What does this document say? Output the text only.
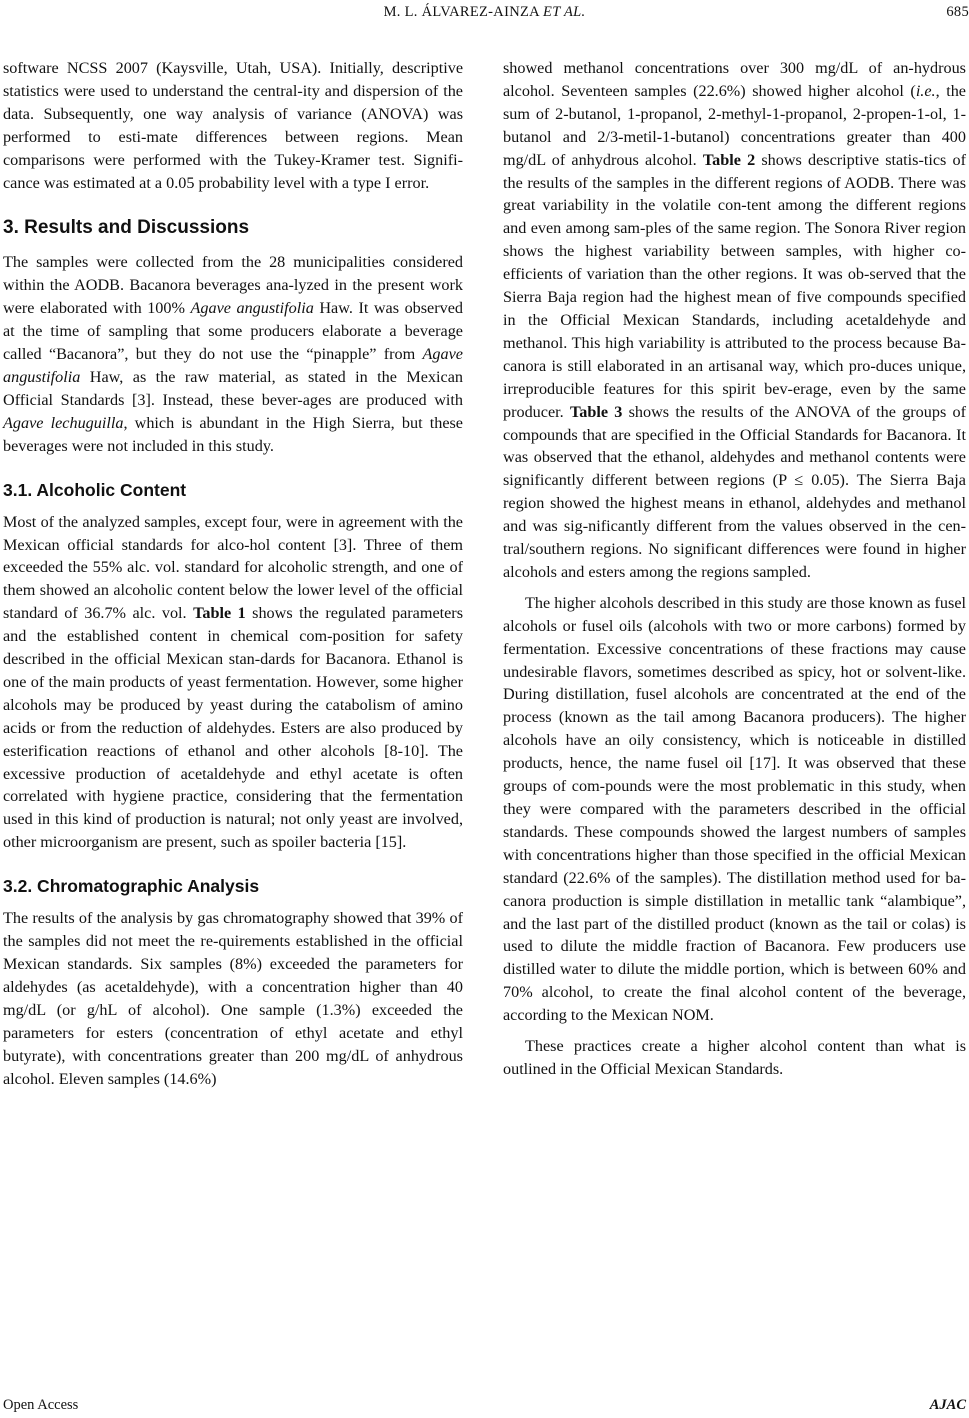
M. L. ÁLVAREZ-AINZA ET AL.	685

software NCSS 2007 (Kaysville, Utah, USA). Initially, descriptive statistics were used to understand the central-ity and dispersion of the data. Subsequently, one way analysis of variance (ANOVA) was performed to esti-mate differences between regions. Mean comparisons were performed with the Tukey-Kramer test. Signifi-cance was estimated at a 0.05 probability level with a type I error.

3. Results and Discussions

The samples were collected from the 28 municipalities considered within the AODB. Bacanora beverages ana-lyzed in the present work were elaborated with 100% Agave angustifolia Haw. It was observed at the time of sampling that some producers elaborate a beverage called “Bacanora”, but they do not use the “pinapple” from Agave angustifolia Haw, as the raw material, as stated in the Mexican Official Standards [3]. Instead, these bever-ages are produced with Agave lechuguilla, which is abundant in the High Sierra, but these beverages were not included in this study.

3.1. Alcoholic Content

Most of the analyzed samples, except four, were in agreement with the Mexican official standards for alco-hol content [3]. Three of them exceeded the 55% alc. vol. standard for alcoholic strength, and one of them showed an alcoholic content below the lower level of the official standard of 36.7% alc. vol. Table 1 shows the regulated parameters and the established content in chemical com-position for safety described in the official Mexican stan-dards for Bacanora. Ethanol is one of the main products of yeast fermentation. However, some higher alcohols may be produced by yeast during the catabolism of amino acids or from the reduction of aldehydes. Esters are also produced by esterification reactions of ethanol and other alcohols [8-10]. The excessive production of acetaldehyde and ethyl acetate is often correlated with hygiene practice, considering that the fermentation used in this kind of production is natural; not only yeast are involved, other microorganism are present, such as spoiler bacteria [15].

3.2. Chromatographic Analysis

The results of the analysis by gas chromatography showed that 39% of the samples did not meet the re-quirements established in the official Mexican standards. Six samples (8%) exceeded the parameters for aldehydes (as acetaldehyde), with a concentration higher than 40 mg/dL (or g/hL of alcohol). One sample (1.3%) exceeded the parameters for esters (concentration of ethyl acetate and ethyl butyrate), with concentrations greater than 200 mg/dL of anhydrous alcohol. Eleven samples (14.6%)

showed methanol concentrations over 300 mg/dL of an-hydrous alcohol. Seventeen samples (22.6%) showed higher alcohol (i.e., the sum of 2-butanol, 1-propanol, 2-methyl-1-propanol, 2-propen-1-ol, 1-butanol and 2/3-metil-1-butanol) concentrations greater than 400 mg/dL of anhydrous alcohol. Table 2 shows descriptive statis-tics of the results of the samples in the different regions of AODB. There was great variability in the volatile con-tent among the different regions and even among sam-ples of the same region. The Sonora River region shows the highest variability between samples, with higher co-efficients of variation than the other regions. It was ob-served that the Sierra Baja region had the highest mean of five compounds specified in the Official Mexican Standards, including acetaldehyde and methanol. This high variability is attributed to the process because Ba-canora is still elaborated in an artisanal way, which pro-duces unique, irreproducible features for this spirit bev-erage, even by the same producer. Table 3 shows the results of the ANOVA of the groups of compounds that are specified in the Official Standards for Bacanora. It was observed that the ethanol, aldehydes and methanol contents were significantly different between regions (P ≤ 0.05). The Sierra Baja region showed the highest means in ethanol, aldehydes and methanol and was sig-nificantly different from the values observed in the cen-tral/southern regions. No significant differences were found in higher alcohols and esters among the regions sampled.

The higher alcohols described in this study are those known as fusel alcohols or fusel oils (alcohols with two or more carbons) formed by fermentation. Excessive concentrations of these fractions may cause undesirable flavors, sometimes described as spicy, hot or solvent-like. During distillation, fusel alcohols are concentrated at the end of the process (known as the tail among Bacanora producers). The higher alcohols have an oily consistency, which is noticeable in distilled products, hence, the name fusel oil [17]. It was observed that these groups of com-pounds were the most problematic in this study, when they were compared with the parameters described in the official standards. These compounds showed the largest numbers of samples with concentrations higher than those specified in the official Mexican standard (22.6% of the samples). The distillation method used for ba-canora production is simple distillation in metallic tank “alambique”, and the last part of the distilled product (known as the tail or colas) is used to dilute the middle fraction of Bacanora. Few producers use distilled water to dilute the middle portion, which is between 60% and 70% alcohol, to create the final alcohol content of the beverage, according to the Mexican NOM.

These practices create a higher alcohol content than what is outlined in the Official Mexican Standards.

Open Access	AJAC
